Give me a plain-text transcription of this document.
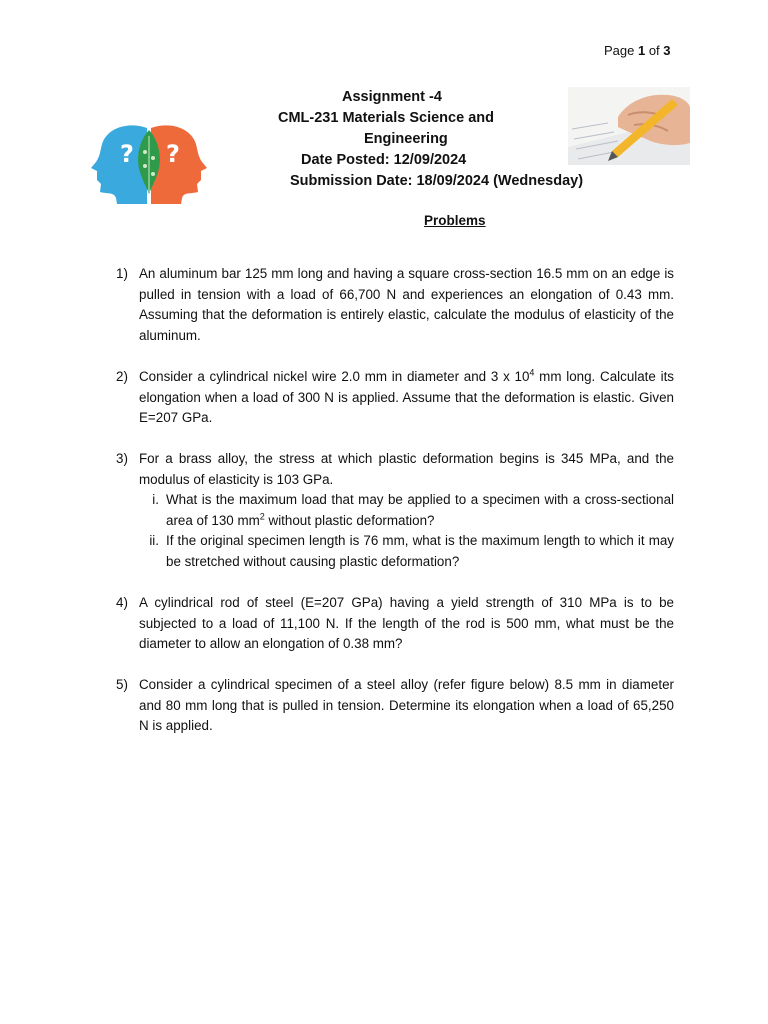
Page 1 of 3
? ?
Assignment -4
CML-231 Materials Science and
Engineering
Date Posted: 12/09/2024
Submission Date: 18/09/2024 (Wednesday)
Problems
1) An aluminum bar 125 mm long and having a square cross-section 16.5 mm on an edge is pulled in tension with a load of 66,700 N and experiences an elongation of 0.43 mm. Assuming that the deformation is entirely elastic, calculate the modulus of elasticity of the aluminum.
2) Consider a cylindrical nickel wire 2.0 mm in diameter and 3 x $10^4$ mm long. Calculate its elongation when a load of 300 N is applied. Assume that the deformation is elastic. Given E=207 GPa.
3) For a brass alloy, the stress at which plastic deformation begins is 345 MPa, and the modulus of elasticity is 103 GPa.
i. What is the maximum load that may be applied to a specimen with a cross-sectional area of 130 $mm^2$ without plastic deformation?
ii. If the original specimen length is 76 mm, what is the maximum length to which it may be stretched without causing plastic deformation?
4) A cylindrical rod of steel (E=207 GPa) having a yield strength of 310 MPa is to be subjected to a load of 11,100 N. If the length of the rod is 500 mm, what must be the diameter to allow an elongation of 0.38 mm?
5) Consider a cylindrical specimen of a steel alloy (refer figure below) 8.5 mm in diameter and 80 mm long that is pulled in tension. Determine its elongation when a load of 65,250 N is applied.
